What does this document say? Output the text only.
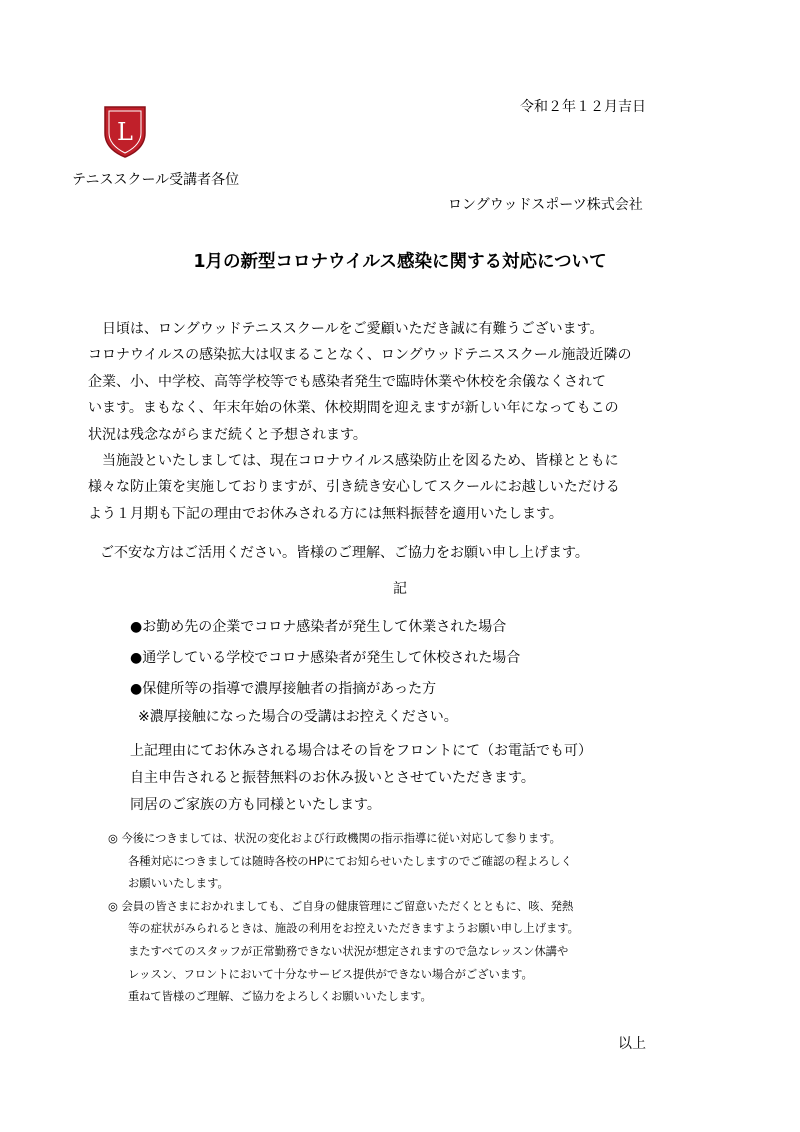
令和２年１２月吉日
L
テニススクール受講者各位
ロングウッドスポーツ株式会社
1月の新型コロナウイルス感染に関する対応について
　日頃は、ロングウッドテニススクールをご愛顧いただき誠に有難うございます。
コロナウイルスの感染拡大は収まることなく、ロングウッドテニススクール施設近隣の
企業、小、中学校、高等学校等でも感染者発生で臨時休業や休校を余儀なくされて
います。まもなく、年末年始の休業、休校期間を迎えますが新しい年になってもこの
状況は残念ながらまだ続くと予想されます。
　当施設といたしましては、現在コロナウイルス感染防止を図るため、皆様とともに
様々な防止策を実施しておりますが、引き続き安心してスクールにお越しいただける
よう１月期も下記の理由でお休みされる方には無料振替を適用いたします。
ご不安な方はご活用ください。皆様のご理解、ご協力をお願い申し上げます。
記
●お勤め先の企業でコロナ感染者が発生して休業された場合
●通学している学校でコロナ感染者が発生して休校された場合
●保健所等の指導で濃厚接触者の指摘があった方
※濃厚接触になった場合の受講はお控えください。
上記理由にてお休みされる場合はその旨をフロントにて（お電話でも可）
自主申告されると振替無料のお休み扱いとさせていただきます。
同居のご家族の方も同様といたします。
◎ 今後につきましては、状況の変化および行政機関の指示指導に従い対応して参ります。
各種対応につきましては随時各校のHPにてお知らせいたしますのでご確認の程よろしく
お願いいたします。
◎ 会員の皆さまにおかれましても、ご自身の健康管理にご留意いただくとともに、咳、発熱
等の症状がみられるときは、施設の利用をお控えいただきますようお願い申し上げます。
またすべてのスタッフが正常勤務できない状況が想定されますので急なレッスン休講や
レッスン、フロントにおいて十分なサービス提供ができない場合がございます。
重ねて皆様のご理解、ご協力をよろしくお願いいたします。
以上
